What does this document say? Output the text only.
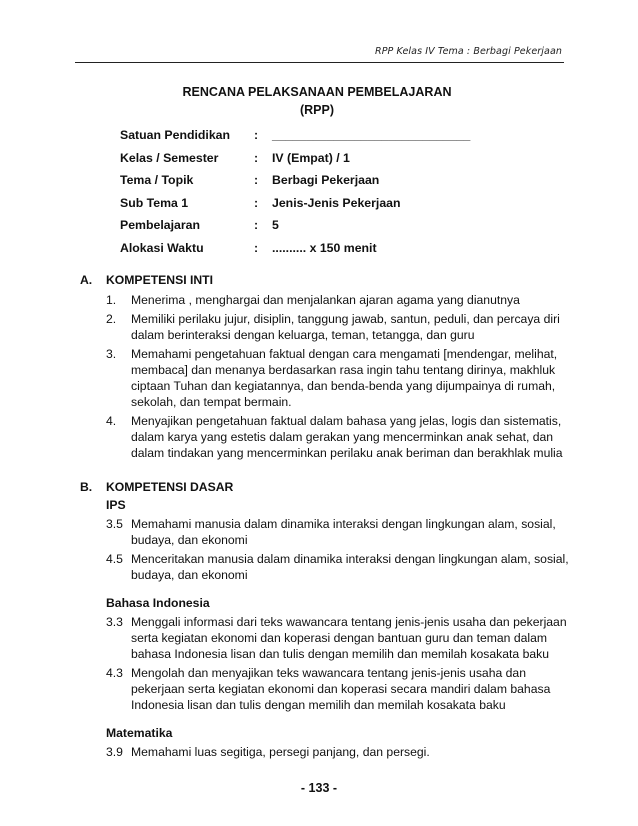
RPP Kelas IV Tema : Berbagi Pekerjaan
RENCANA PELAKSANAAN PEMBELAJARAN
(RPP)
Satuan Pendidikan	:	_____________________________
Kelas / Semester	:	IV (Empat) / 1
Tema / Topik	:	Berbagi Pekerjaan
Sub Tema 1	:	Jenis-Jenis Pekerjaan
Pembelajaran	:	5
Alokasi Waktu	:	.......... x 150 menit
A.	KOMPETENSI INTI
1.	Menerima , menghargai dan menjalankan ajaran agama yang dianutnya
2.	Memiliki perilaku jujur, disiplin, tanggung jawab, santun, peduli, dan percaya diri dalam berinteraksi dengan keluarga, teman, tetangga, dan guru
3.	Memahami pengetahuan faktual dengan cara mengamati [mendengar, melihat, membaca] dan menanya berdasarkan rasa ingin tahu tentang dirinya, makhluk ciptaan Tuhan dan kegiatannya, dan benda-benda yang dijumpainya di rumah, sekolah, dan tempat bermain.
4.	Menyajikan pengetahuan faktual dalam bahasa yang jelas, logis dan sistematis, dalam karya yang estetis dalam gerakan yang mencerminkan anak sehat, dan dalam tindakan yang mencerminkan perilaku anak beriman dan berakhlak mulia
B.	KOMPETENSI DASAR
IPS
3.5 Memahami manusia dalam dinamika interaksi dengan lingkungan alam, sosial, budaya, dan ekonomi
4.5 Menceritakan manusia dalam dinamika interaksi dengan lingkungan alam, sosial, budaya, dan ekonomi
Bahasa Indonesia
3.3 Menggali informasi dari teks wawancara tentang jenis-jenis usaha dan pekerjaan serta kegiatan ekonomi dan koperasi dengan bantuan guru dan teman dalam bahasa Indonesia lisan dan tulis dengan memilih dan memilah kosakata baku
4.3 Mengolah dan menyajikan teks wawancara tentang jenis-jenis usaha dan pekerjaan serta kegiatan ekonomi dan koperasi secara mandiri dalam bahasa Indonesia lisan dan tulis dengan memilih dan memilah kosakata baku
Matematika
3.9 Memahami luas segitiga, persegi panjang, dan persegi.
- 133 -
